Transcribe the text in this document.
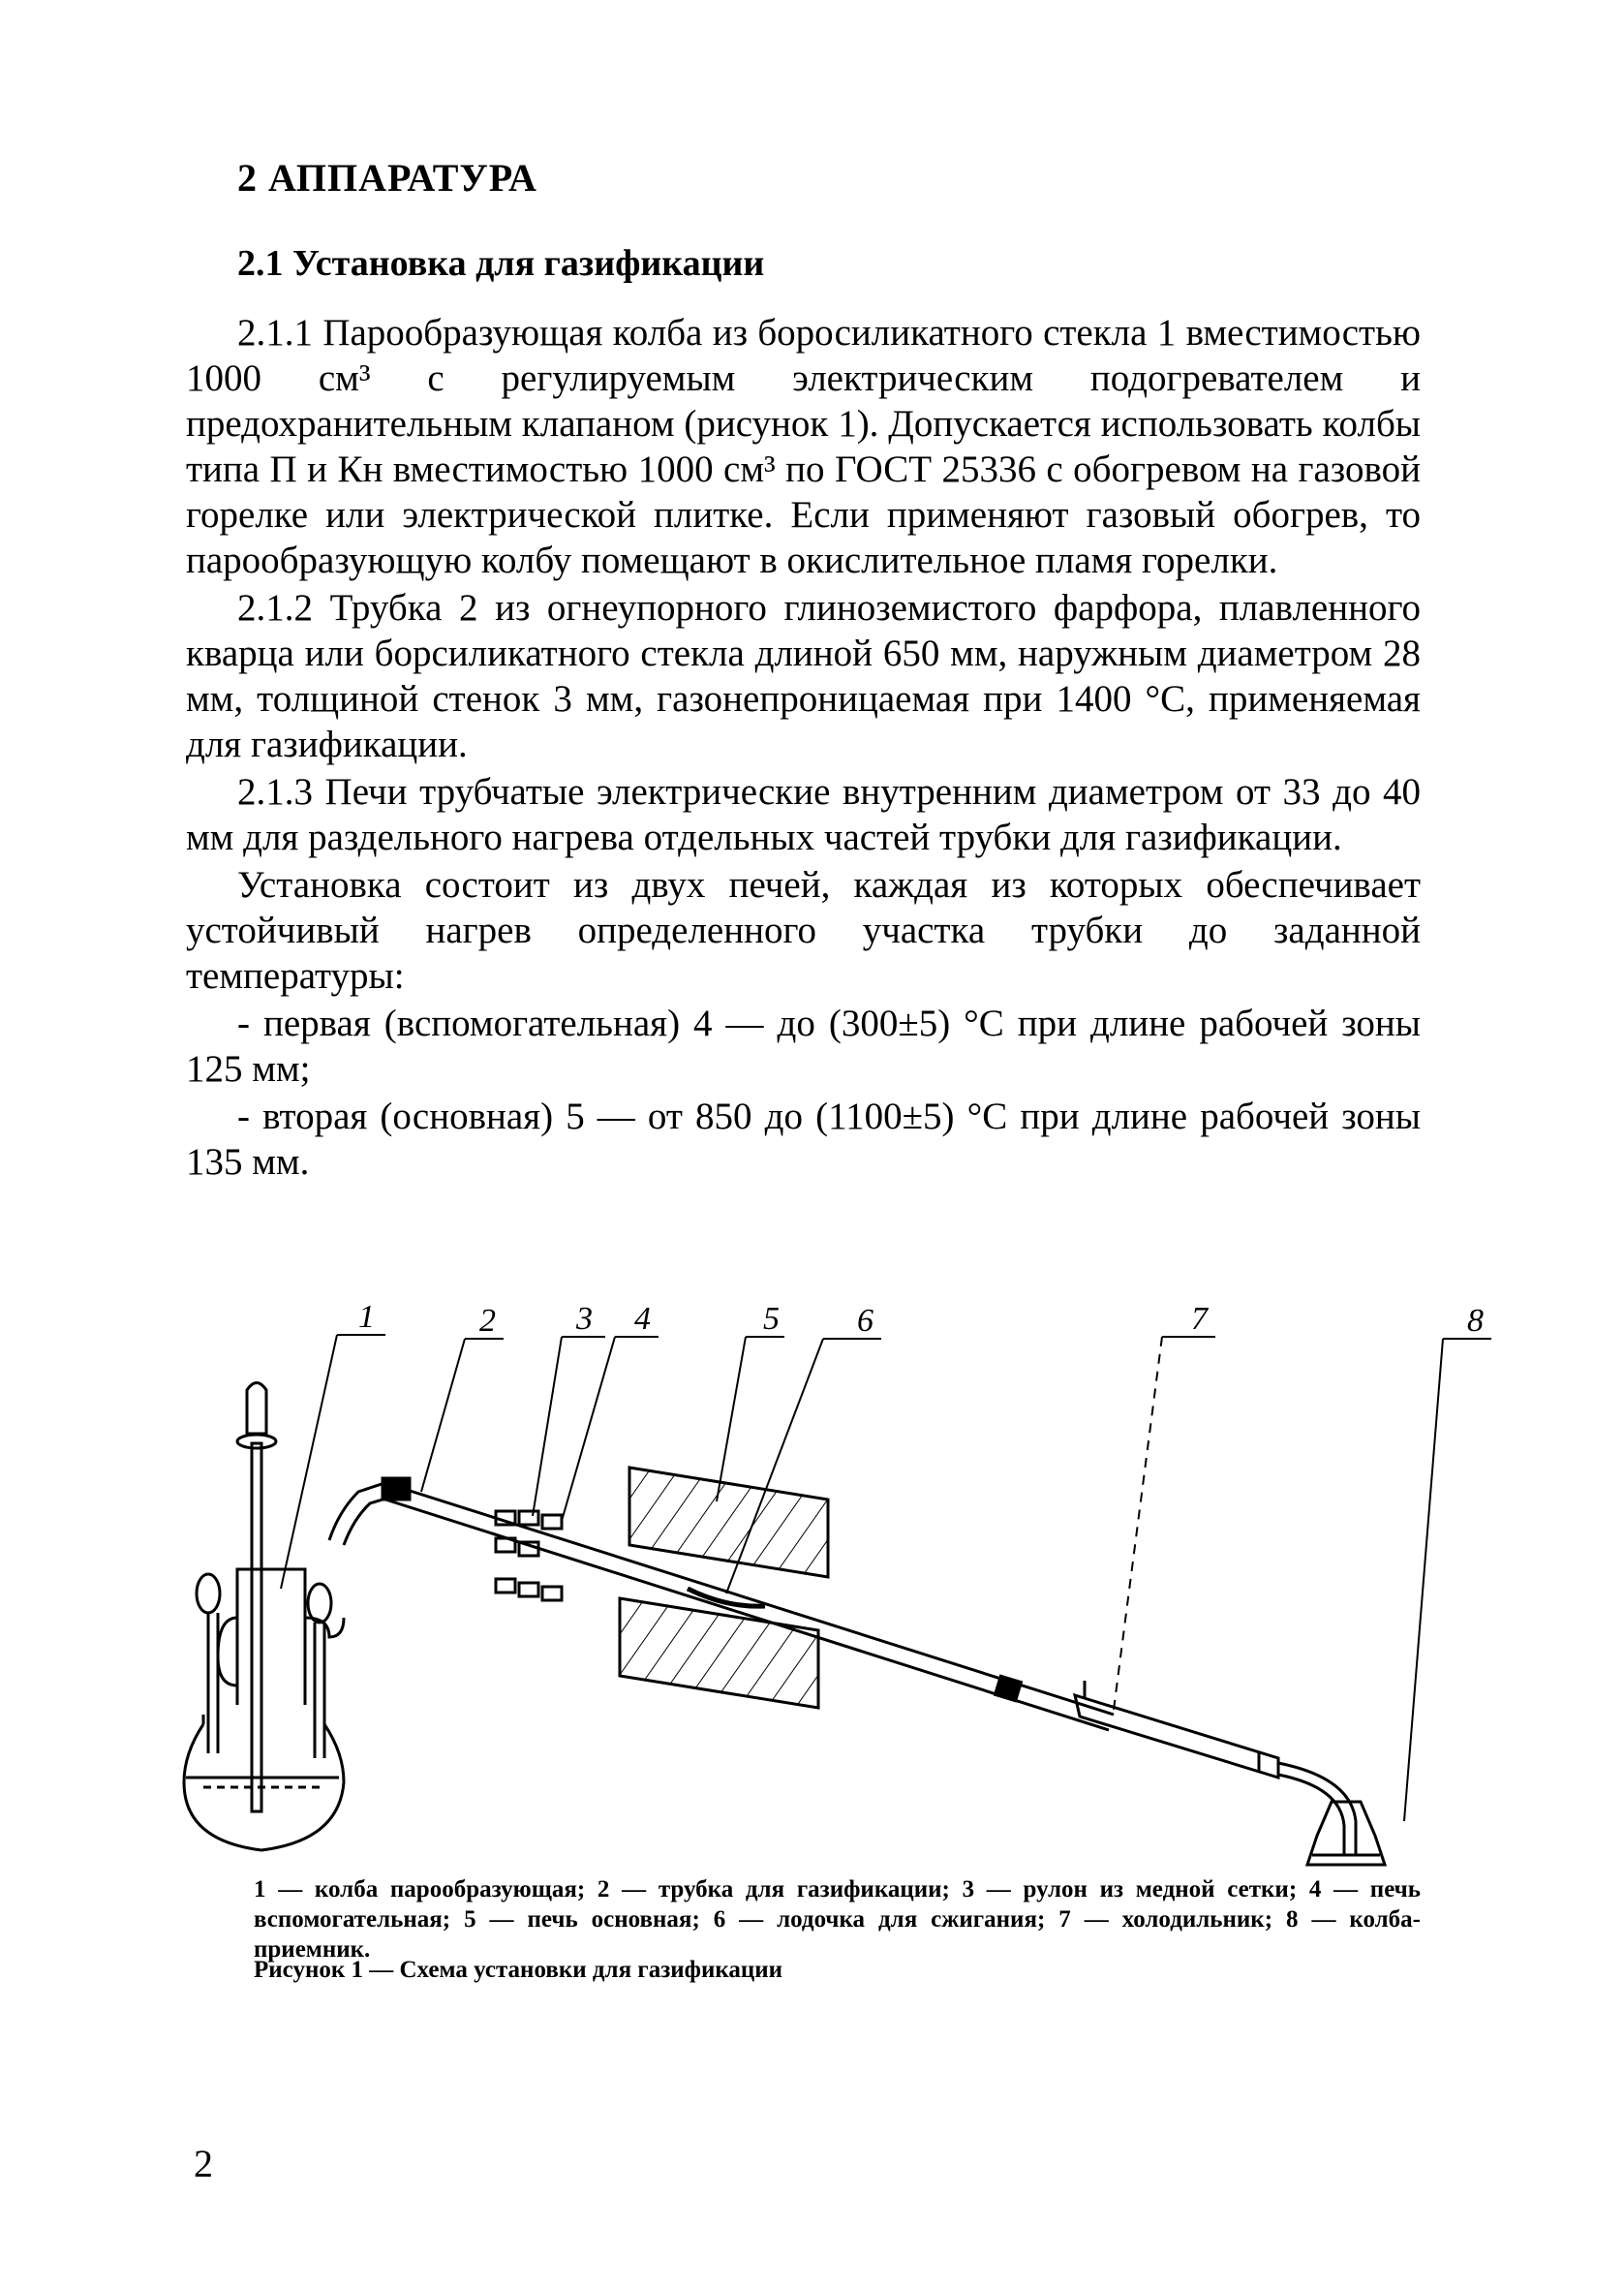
2 АППАРАТУРА
2.1 Установка для газификации

2.1.1 Парообразующая колба из боросиликатного стекла 1 вместимостью 1000 см³ с регулируемым электрическим подогревателем и предохранительным клапаном (рисунок 1). Допускается использовать колбы типа П и Кн вместимостью 1000 см³ по ГОСТ 25336 с обогревом на газовой горелке или электрической плитке. Если применяют газовый обогрев, то парообразующую колбу помещают в окислительное пламя горелки.

2.1.2 Трубка 2 из огнеупорного глиноземистого фарфора, плавленного кварца или борсиликатного стекла длиной 650 мм, наружным диаметром 28 мм, толщиной стенок 3 мм, газонепроницаемая при 1400 °С, применяемая для газификации.

2.1.3 Печи трубчатые электрические внутренним диаметром от 33 до 40 мм для раздельного нагрева отдельных частей трубки для газификации.

Установка состоит из двух печей, каждая из которых обеспечивает устойчивый нагрев определенного участка трубки до заданной температуры:

- первая (вспомогательная) 4 — до (300±5) °С при длине рабочей зоны 125 мм;

- вторая (основная) 5 — от 850 до (1100±5) °С при длине рабочей зоны 135 мм.

1	2 3 4	5 6	7	8
1 — колба парообразующая; 2 — трубка для газификации; 3 — рулон из медной сетки; 4 — печь вспомогательная; 5 — печь основная; 6 — лодочка для сжигания; 7 — холодильник; 8 — колба-приемник.
Рисунок 1 — Схема установки для газификации
2
